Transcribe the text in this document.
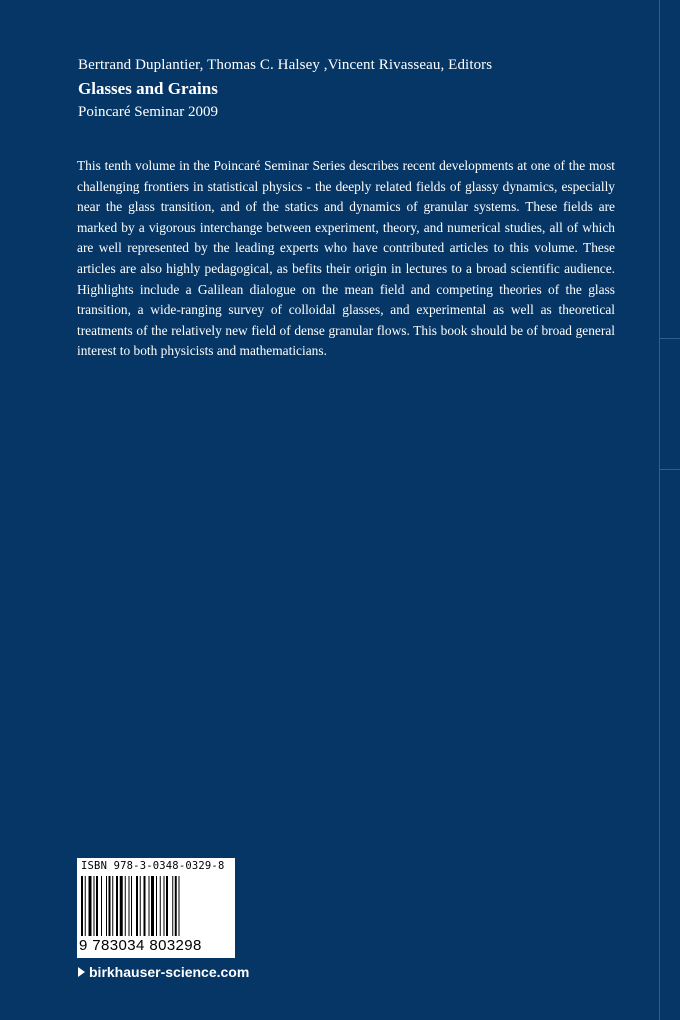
Bertrand Duplantier, Thomas C. Halsey ,Vincent Rivasseau, Editors
Glasses and Grains
Poincaré Seminar 2009
This tenth volume in the Poincaré Seminar Series describes recent developments at one of the most challenging frontiers in statistical physics - the deeply related fields of glassy dynamics, especially near the glass transition, and of the statics and dynamics of granular systems. These fields are marked by a vigorous interchange between experiment, theory, and numerical studies, all of which are well represented by the leading experts who have contributed articles to this volume. These articles are also highly pedagogical, as befits their origin in lectures to a broad scientific audience. Highlights include a Galilean dialogue on the mean field and competing theories of the glass transition, a wide-ranging survey of colloidal glasses, and experimental as well as theoretical treatments of the relatively new field of dense granular flows. This book should be of broad general interest to both physicists and mathematicians.
ISBN 978-3-0348-0329-8
9 783034 803298
birkhauser-science.com
